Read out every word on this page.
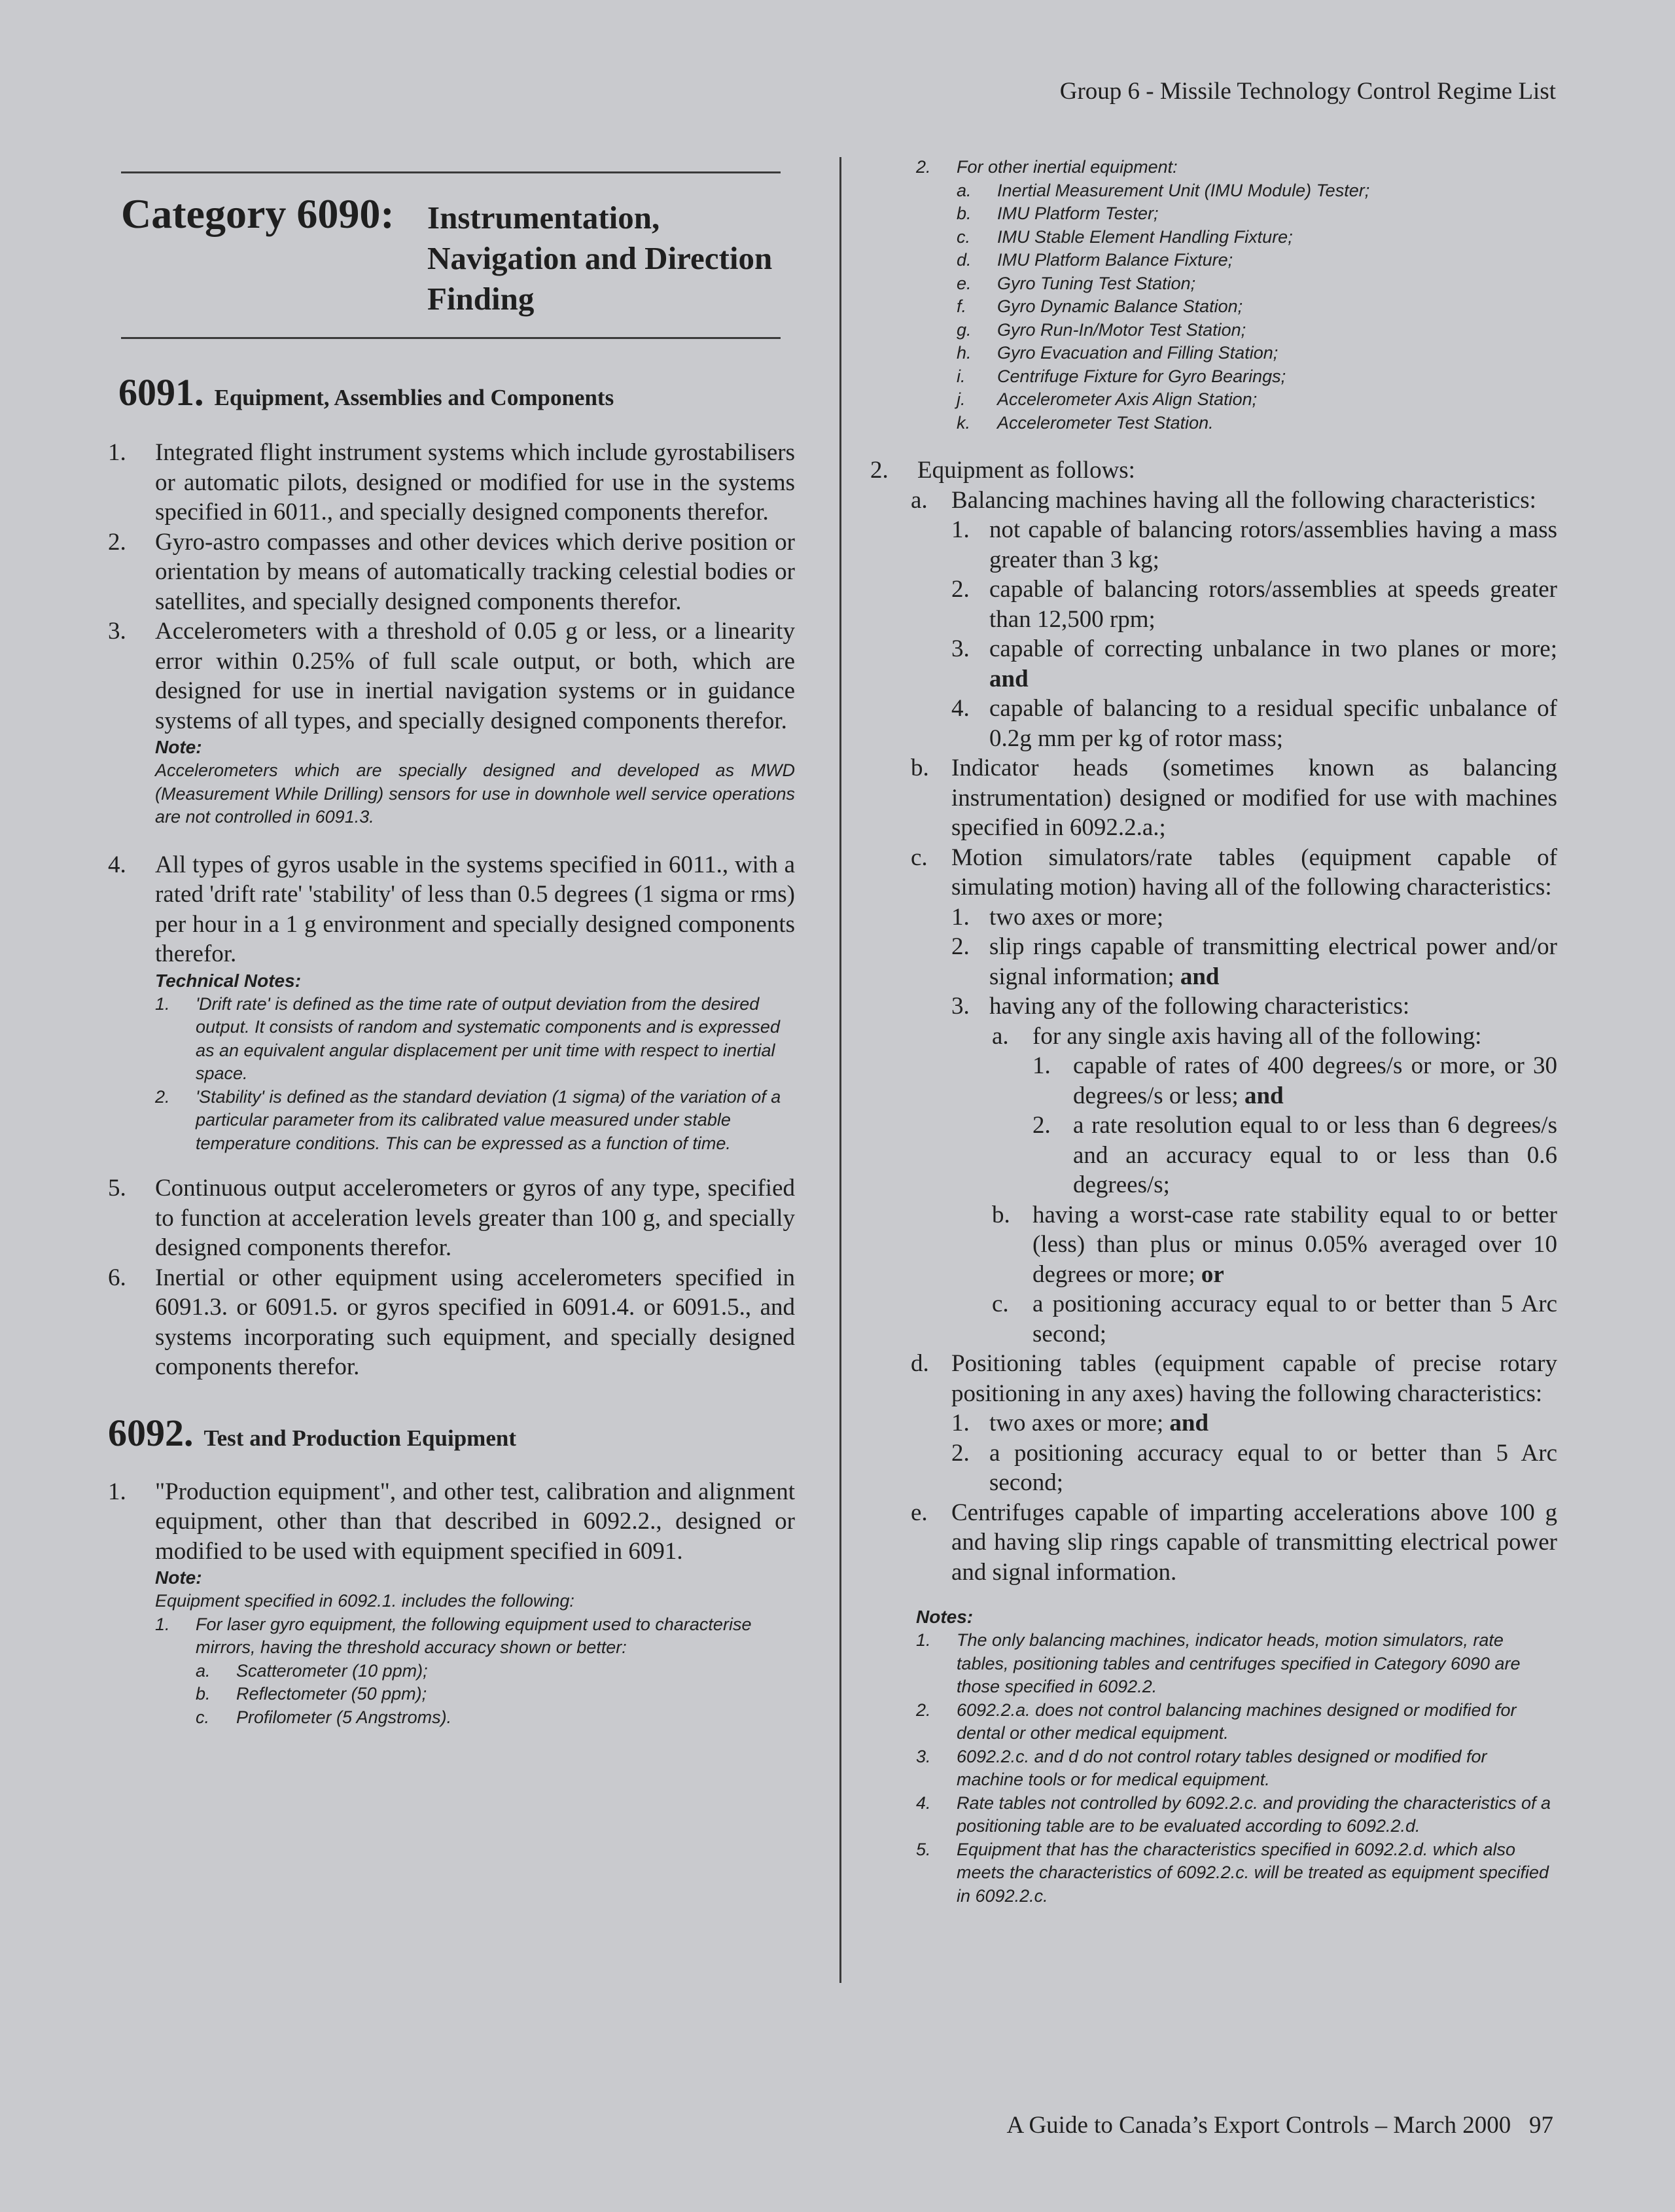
Group 6 - Missile Technology Control Regime List
Category 6090: Instrumentation,
Navigation and Direction
Finding
6091. Equipment, Assemblies and Components
1. Integrated flight instrument systems which include gyrostabilisers or automatic pilots, designed or modified for use in the systems specified in 6011., and specially designed components therefor.
2. Gyro-astro compasses and other devices which derive position or orientation by means of automatically tracking celestial bodies or satellites, and specially designed components therefor.
3. Accelerometers with a threshold of 0.05 g or less, or a linearity error within 0.25% of full scale output, or both, which are designed for use in inertial navigation systems or in guidance systems of all types, and specially designed components therefor.
Note:
Accelerometers which are specially designed and developed as MWD (Measurement While Drilling) sensors for use in downhole well service operations are not controlled in 6091.3.
4. All types of gyros usable in the systems specified in 6011., with a rated 'drift rate' 'stability' of less than 0.5 degrees (1 sigma or rms) per hour in a 1 g environment and specially designed components therefor.
Technical Notes:
1. 'Drift rate' is defined as the time rate of output deviation from the desired output. It consists of random and systematic components and is expressed as an equivalent angular displacement per unit time with respect to inertial space.
2. 'Stability' is defined as the standard deviation (1 sigma) of the variation of a particular parameter from its calibrated value measured under stable temperature conditions. This can be expressed as a function of time.
5. Continuous output accelerometers or gyros of any type, specified to function at acceleration levels greater than 100 g, and specially designed components therefor.
6. Inertial or other equipment using accelerometers specified in 6091.3. or 6091.5. or gyros specified in 6091.4. or 6091.5., and systems incorporating such equipment, and specially designed components therefor.
6092. Test and Production Equipment
1. "Production equipment", and other test, calibration and alignment equipment, other than that described in 6092.2., designed or modified to be used with equipment specified in 6091.
Note:
Equipment specified in 6092.1. includes the following:
1. For laser gyro equipment, the following equipment used to characterise mirrors, having the threshold accuracy shown or better:
a. Scatterometer (10 ppm);
b. Reflectometer (50 ppm);
c. Profilometer (5 Angstroms).
2. For other inertial equipment:
a. Inertial Measurement Unit (IMU Module) Tester;
b. IMU Platform Tester;
c. IMU Stable Element Handling Fixture;
d. IMU Platform Balance Fixture;
e. Gyro Tuning Test Station;
f. Gyro Dynamic Balance Station;
g. Gyro Run-In/Motor Test Station;
h. Gyro Evacuation and Filling Station;
i. Centrifuge Fixture for Gyro Bearings;
j. Accelerometer Axis Align Station;
k. Accelerometer Test Station.
2. Equipment as follows:
a. Balancing machines having all the following characteristics:
1. not capable of balancing rotors/assemblies having a mass greater than 3 kg;
2. capable of balancing rotors/assemblies at speeds greater than 12,500 rpm;
3. capable of correcting unbalance in two planes or more; and
4. capable of balancing to a residual specific unbalance of 0.2g mm per kg of rotor mass;
b. Indicator heads (sometimes known as balancing instrumentation) designed or modified for use with machines specified in 6092.2.a.;
c. Motion simulators/rate tables (equipment capable of simulating motion) having all of the following characteristics:
1. two axes or more;
2. slip rings capable of transmitting electrical power and/or signal information; and
3. having any of the following characteristics:
a. for any single axis having all of the following:
1. capable of rates of 400 degrees/s or more, or 30 degrees/s or less; and
2. a rate resolution equal to or less than 6 degrees/s and an accuracy equal to or less than 0.6 degrees/s;
b. having a worst-case rate stability equal to or better (less) than plus or minus 0.05% averaged over 10 degrees or more; or
c. a positioning accuracy equal to or better than 5 Arc second;
d. Positioning tables (equipment capable of precise rotary positioning in any axes) having the following characteristics:
1. two axes or more; and
2. a positioning accuracy equal to or better than 5 Arc second;
e. Centrifuges capable of imparting accelerations above 100 g and having slip rings capable of transmitting electrical power and signal information.
Notes:
1. The only balancing machines, indicator heads, motion simulators, rate tables, positioning tables and centrifuges specified in Category 6090 are those specified in 6092.2.
2. 6092.2.a. does not control balancing machines designed or modified for dental or other medical equipment.
3. 6092.2.c. and d do not control rotary tables designed or modified for machine tools or for medical equipment.
4. Rate tables not controlled by 6092.2.c. and providing the characteristics of a positioning table are to be evaluated according to 6092.2.d.
5. Equipment that has the characteristics specified in 6092.2.d. which also meets the characteristics of 6092.2.c. will be treated as equipment specified in 6092.2.c.
A Guide to Canada’s Export Controls – March 2000 97
